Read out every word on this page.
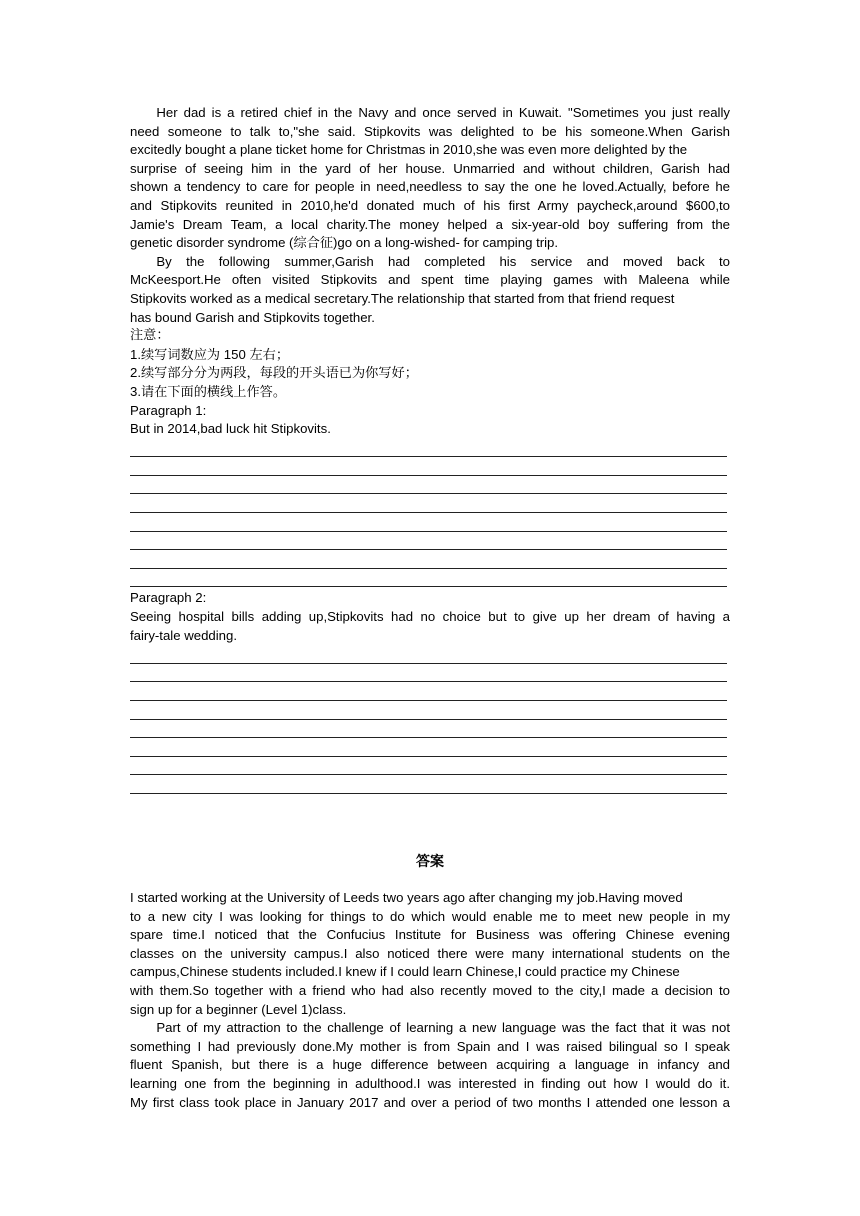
Her dad is a retired chief in the Navy and once served in Kuwait. "Sometimes you just really

need someone to talk to,"she said. Stipkovits was delighted to be his someone.When Garish

excitedly bought a plane ticket home for Christmas in 2010,she was even more delighted by the

surprise of seeing him in the yard of her house. Unmarried and without children, Garish had

shown a tendency to care for people in need,needless to say the one he loved.Actually, before he

and Stipkovits reunited in 2010,he'd donated much of his first Army paycheck,around $600,to

Jamie's Dream Team, a local charity.The money helped a six-year-old boy suffering from the

genetic disorder syndrome (综合征)go on a long-wished- for camping trip.

By the following summer,Garish had completed his service and moved back to

McKeesport.He often visited Stipkovits and spent time playing games with Maleena while

Stipkovits worked as a medical secretary.The relationship that started from that friend request

has bound Garish and Stipkovits together.

注意：

1.续写词数应为 150 左右；

2.续写部分分为两段，每段的开头语已为你写好；

3.请在下面的横线上作答。

Paragraph 1:

But in 2014,bad luck hit Stipkovits.

Paragraph 2:

Seeing hospital bills adding up,Stipkovits had no choice but to give up her dream of having a

fairy-tale wedding.

答案

I started working at the University of Leeds two years ago after changing my job.Having moved

to a new city I was looking for things to do which would enable me to meet new people in my

spare time.I noticed that the Confucius Institute for Business was offering Chinese evening

classes on the university campus.I also noticed there were many international students on the

campus,Chinese students included.I knew if I could learn Chinese,I could practice my Chinese

with them.So together with a friend who had also recently moved to the city,I made a decision to

sign up for a beginner (Level 1)class.

Part of my attraction to the challenge of learning a new language was the fact that it was not

something I had previously done.My mother is from Spain and I was raised bilingual so I speak

fluent Spanish, but there is a huge difference between acquiring a language in infancy and

learning one from the beginning in adulthood.I was interested in finding out how I would do it.

My first class took place in January 2017 and over a period of two months I attended one lesson a
